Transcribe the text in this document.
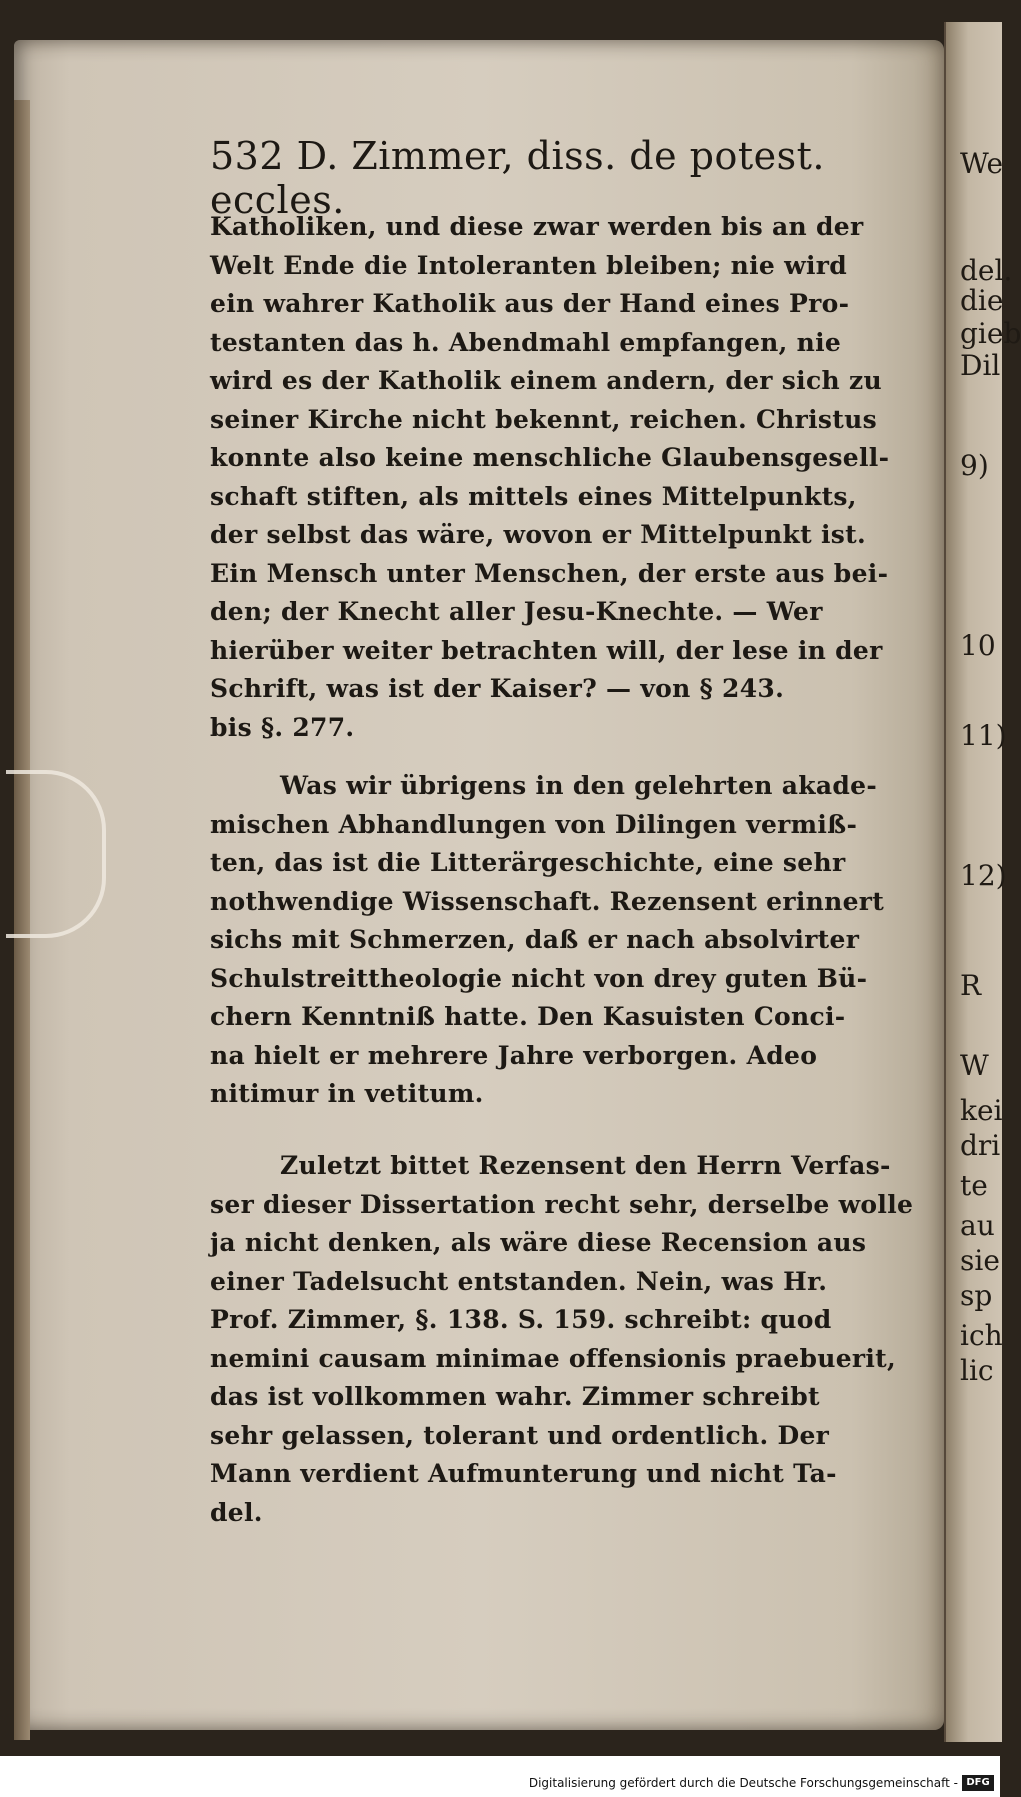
We
del.
die
gieb
Dil
9)
10
11)
12)
R
W
kei
dri
te
au
sie
sp
ich
lic
532 D. Zimmer, diss. de potest. eccles.
Katholiken, und diese zwar werden bis an der
Welt Ende die Intoleranten bleiben; nie wird
ein wahrer Katholik aus der Hand eines Pro-
testanten das h. Abendmahl empfangen, nie
wird es der Katholik einem andern, der sich zu
seiner Kirche nicht bekennt, reichen. Christus
konnte also keine menschliche Glaubensgesell-
schaft stiften, als mittels eines Mittelpunkts,
der selbst das wäre, wovon er Mittelpunkt ist.
Ein Mensch unter Menschen, der erste aus bei-
den; der Knecht aller Jesu-Knechte. — Wer
hierüber weiter betrachten will, der lese in der
Schrift, was ist der Kaiser? — von § 243.
bis §. 277.
Was wir übrigens in den gelehrten akade-
mischen Abhandlungen von Dilingen vermiß-
ten, das ist die Litterärgeschichte, eine sehr
nothwendige Wissenschaft. Rezensent erinnert
sichs mit Schmerzen, daß er nach absolvirter
Schulstreittheologie nicht von drey guten Bü-
chern Kenntniß hatte. Den Kasuisten Conci-
na hielt er mehrere Jahre verborgen. Adeo
nitimur in vetitum.
Zuletzt bittet Rezensent den Herrn Verfas-
ser dieser Dissertation recht sehr, derselbe wolle
ja nicht denken, als wäre diese Recension aus
einer Tadelsucht entstanden. Nein, was Hr.
Prof. Zimmer, §. 138. S. 159. schreibt: quod
nemini causam minimae offensionis praebuerit,
das ist vollkommen wahr. Zimmer schreibt
sehr gelassen, tolerant und ordentlich. Der
Mann verdient Aufmunterung und nicht Ta-
del.
Digitalisierung gefördert durch die Deutsche Forschungsgemeinschaft - DFG
